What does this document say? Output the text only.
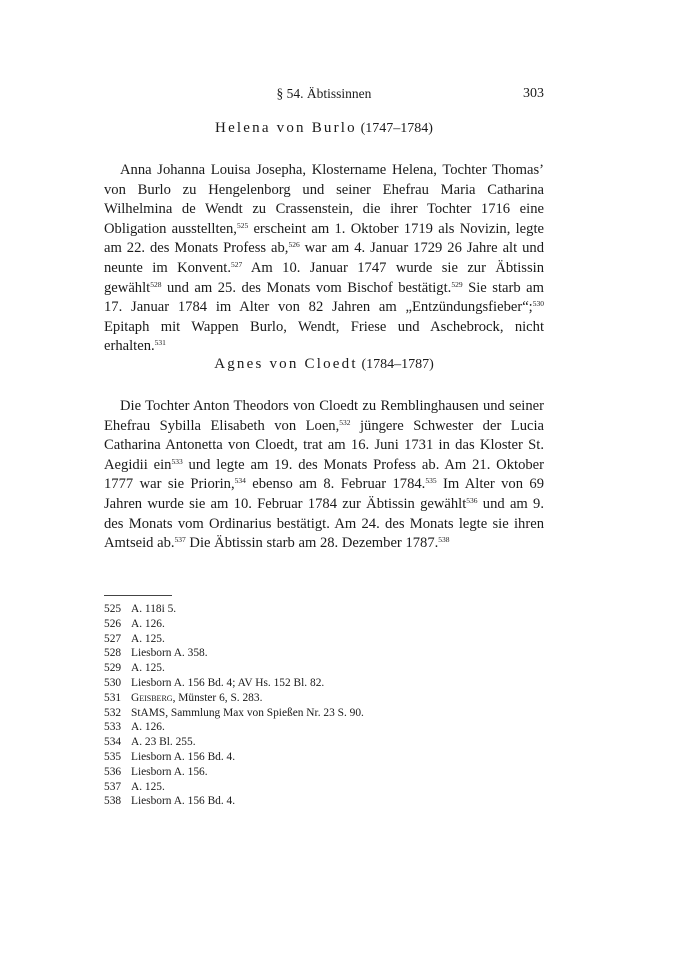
§ 54. Äbtissinnen	303
Helena von Burlo (1747–1784)

Anna Johanna Louisa Josepha, Klostername Helena, Tochter Thomas’ von Burlo zu Hengelenborg und seiner Ehefrau Maria Catharina Wilhelmina de Wendt zu Crassenstein, die ihrer Tochter 1716 eine Obligation ausstellten,$^{525}$ erscheint am 1. Oktober 1719 als Novizin, legte am 22. des Monats Profess ab,$^{526}$ war am 4. Januar 1729 26 Jahre alt und neunte im Konvent.$^{527}$ Am 10. Januar 1747 wurde sie zur Äbtissin gewählt$^{528}$ und am 25. des Monats vom Bischof bestätigt.$^{529}$ Sie starb am 17. Januar 1784 im Alter von 82 Jahren am „Entzündungsfieber“;$^{530}$ Epitaph mit Wappen Burlo, Wendt, Friese und Aschebrock, nicht erhalten.$^{531}$

Agnes von Cloedt (1784–1787)

Die Tochter Anton Theodors von Cloedt zu Remblinghausen und seiner Ehefrau Sybilla Elisabeth von Loen,$^{532}$ jüngere Schwester der Lucia Catharina Antonetta von Cloedt, trat am 16. Juni 1731 in das Kloster St. Aegidii ein$^{533}$ und legte am 19. des Monats Profess ab. Am 21. Oktober 1777 war sie Priorin,$^{534}$ ebenso am 8. Februar 1784.$^{535}$ Im Alter von 69 Jahren wurde sie am 10. Februar 1784 zur Äbtissin gewählt$^{536}$ und am 9. des Monats vom Ordinarius bestätigt. Am 24. des Monats legte sie ihren Amtseid ab.$^{537}$ Die Äbtissin starb am 28. Dezember 1787.$^{538}$

525 A. 118i 5.
526 A. 126.
527 A. 125.
528 Liesborn A. 358.
529 A. 125.
530 Liesborn A. 156 Bd. 4; AV Hs. 152 Bl. 82.
531 Geisberg, Münster 6, S. 283.
532 StAMS, Sammlung Max von Spießen Nr. 23 S. 90.
533 A. 126.
534 A. 23 Bl. 255.
535 Liesborn A. 156 Bd. 4.
536 Liesborn A. 156.
537 A. 125.
538 Liesborn A. 156 Bd. 4.
